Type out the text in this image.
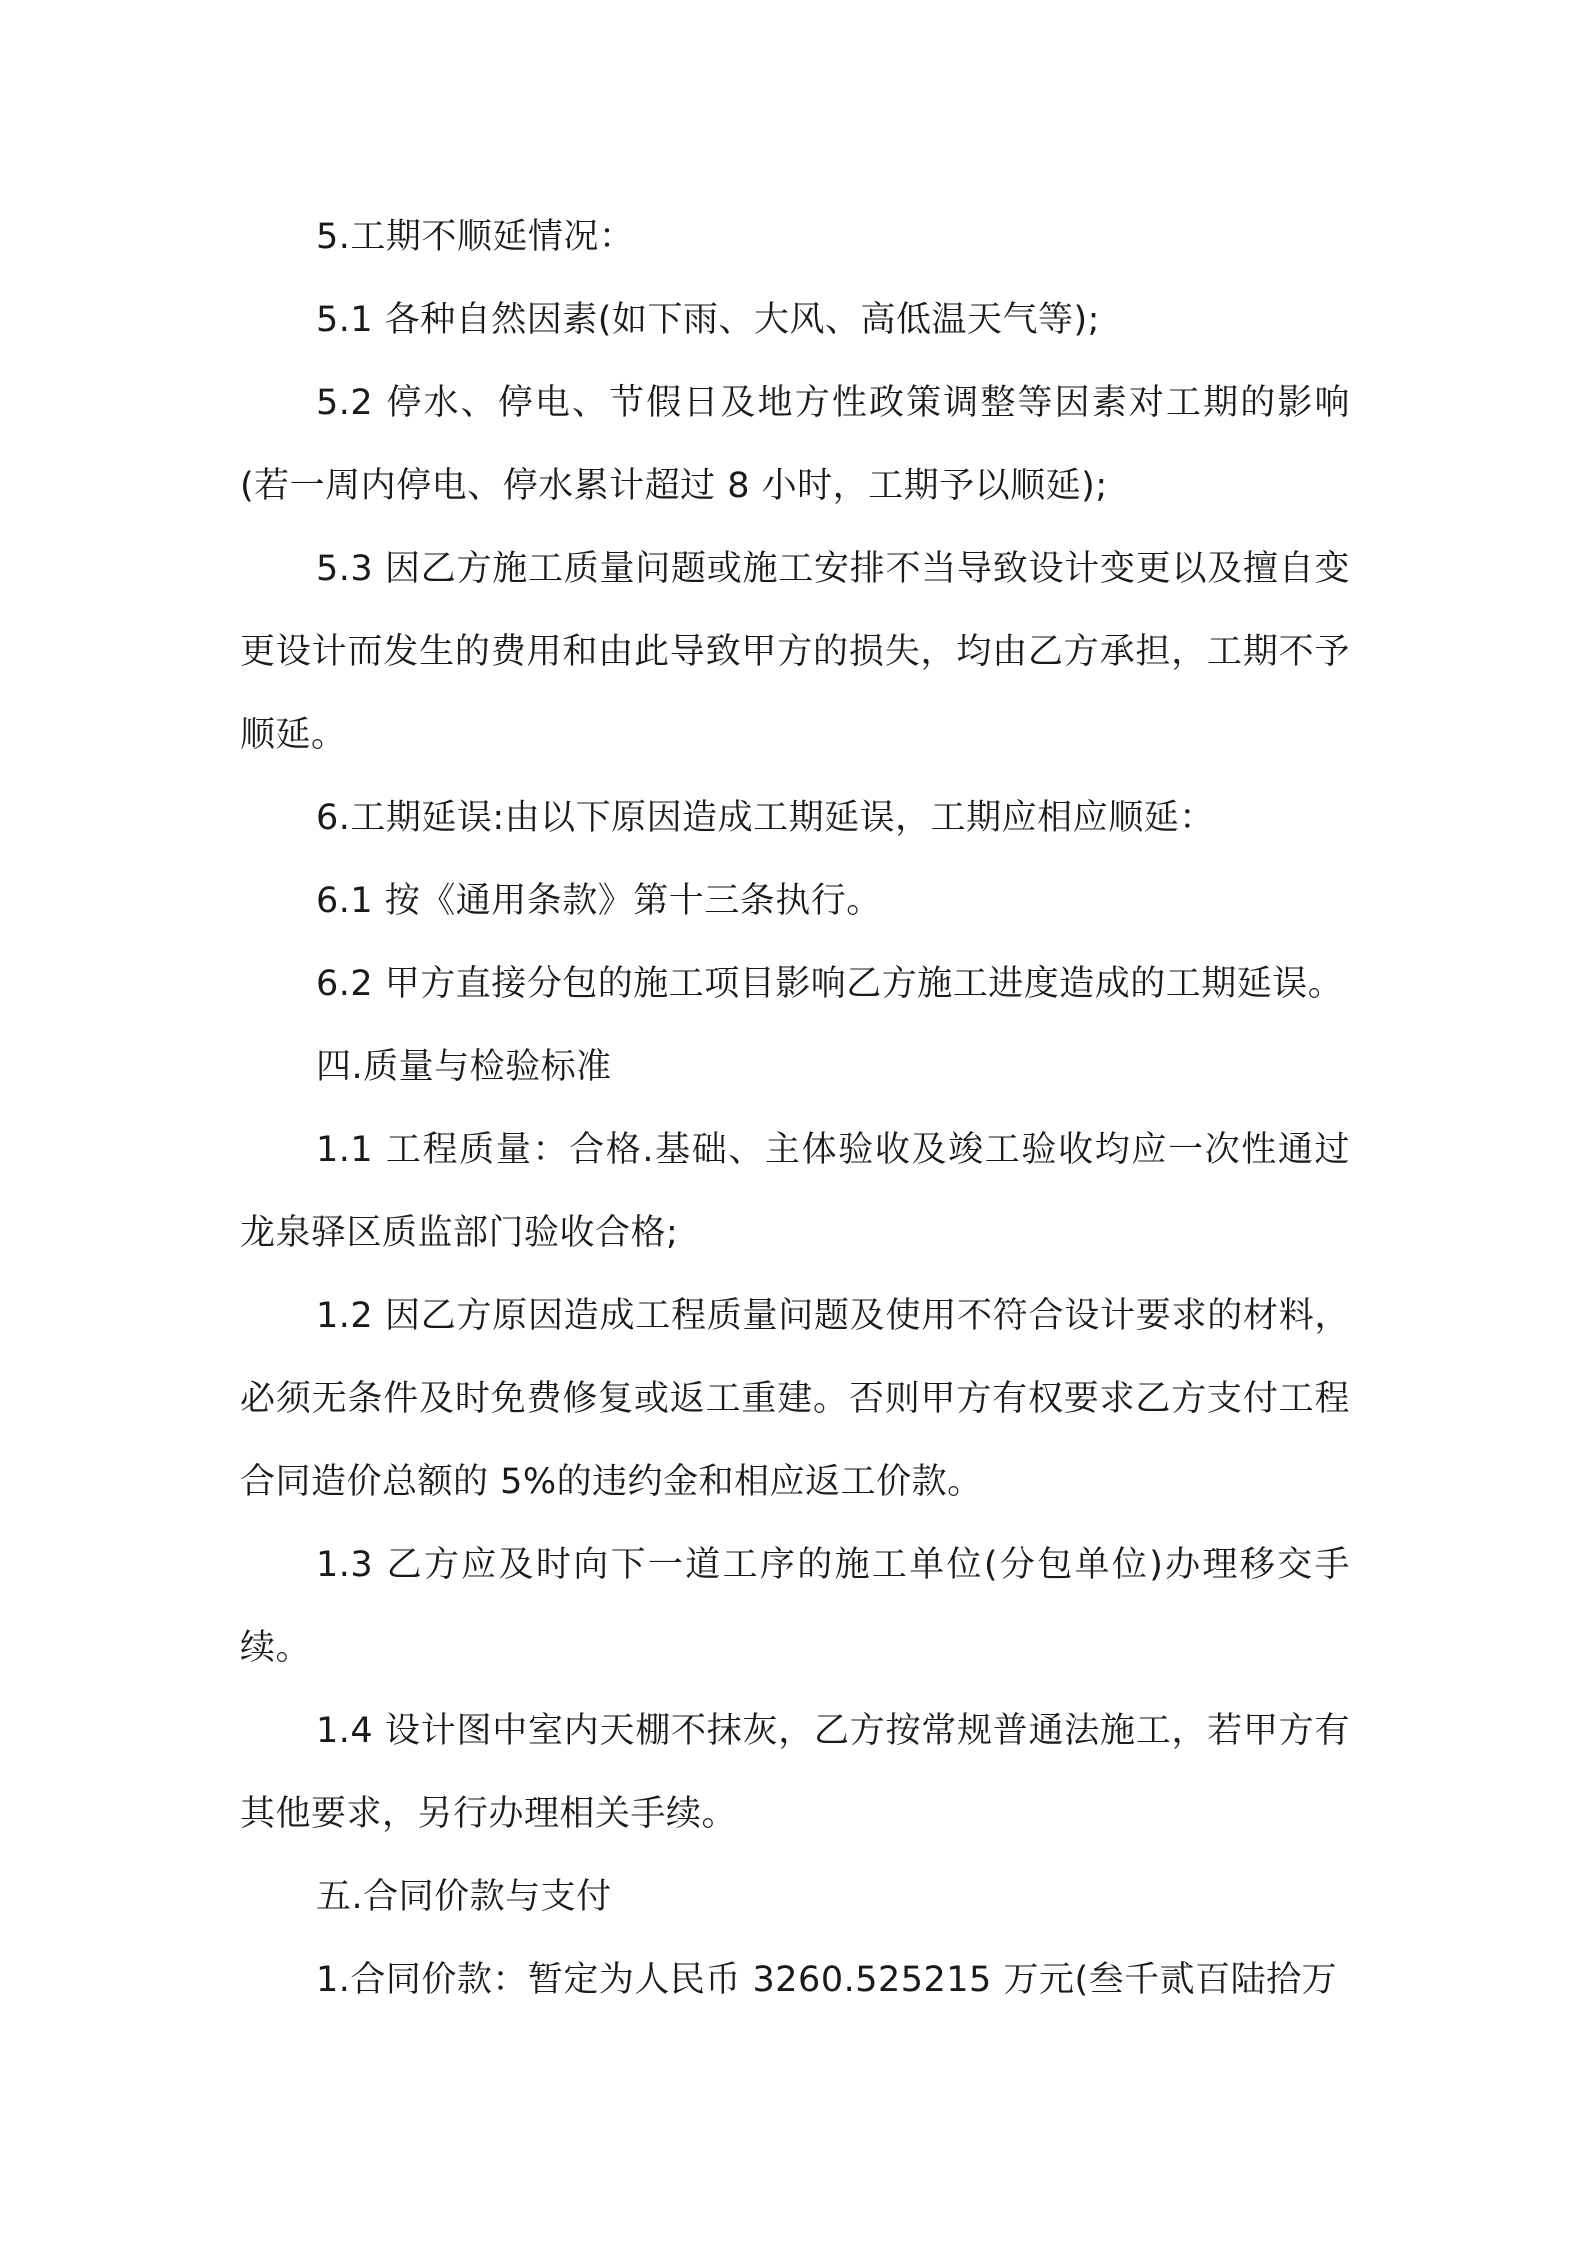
5.工期不顺延情况：

5.1 各种自然因素(如下雨、大风、高低温天气等);

5.2 停水、停电、节假日及地方性政策调整等因素对工期的影响(若一周内停电、停水累计超过 8 小时，工期予以顺延);

5.3 因乙方施工质量问题或施工安排不当导致设计变更以及擅自变更设计而发生的费用和由此导致甲方的损失，均由乙方承担，工期不予顺延。

6.工期延误:由以下原因造成工期延误，工期应相应顺延：

6.1 按《通用条款》第十三条执行。

6.2 甲方直接分包的施工项目影响乙方施工进度造成的工期延误。

四.质量与检验标准

1.1 工程质量：合格.基础、主体验收及竣工验收均应一次性通过龙泉驿区质监部门验收合格;

1.2 因乙方原因造成工程质量问题及使用不符合设计要求的材料，必须无条件及时免费修复或返工重建。否则甲方有权要求乙方支付工程合同造价总额的 5%的违约金和相应返工价款。

1.3 乙方应及时向下一道工序的施工单位(分包单位)办理移交手续。

1.4 设计图中室内天棚不抹灰，乙方按常规普通法施工，若甲方有其他要求，另行办理相关手续。

五.合同价款与支付

1.合同价款：暂定为人民币 3260.525215 万元(叁千贰百陆拾万
